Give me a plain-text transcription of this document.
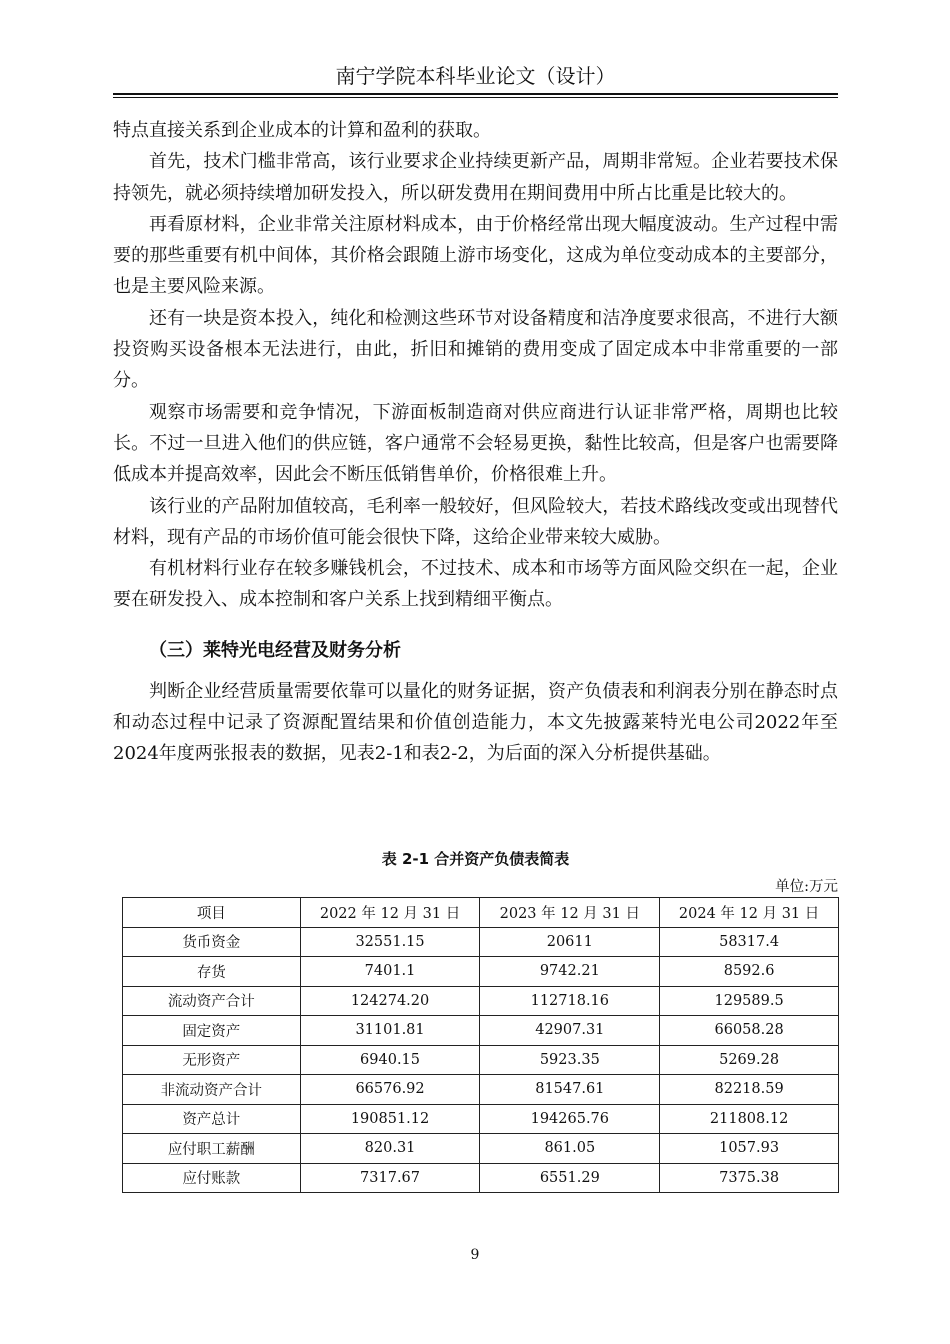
南宁学院本科毕业论文（设计）

特点直接关系到企业成本的计算和盈利的获取。

首先，技术门槛非常高，该行业要求企业持续更新产品，周期非常短。企业若要技术保持领先，就必须持续增加研发投入，所以研发费用在期间费用中所占比重是比较大的。

再看原材料，企业非常关注原材料成本，由于价格经常出现大幅度波动。生产过程中需要的那些重要有机中间体，其价格会跟随上游市场变化，这成为单位变动成本的主要部分，也是主要风险来源。

还有一块是资本投入，纯化和检测这些环节对设备精度和洁净度要求很高，不进行大额投资购买设备根本无法进行，由此，折旧和摊销的费用变成了固定成本中非常重要的一部分。

观察市场需要和竞争情况，下游面板制造商对供应商进行认证非常严格，周期也比较长。不过一旦进入他们的供应链，客户通常不会轻易更换，黏性比较高，但是客户也需要降低成本并提高效率，因此会不断压低销售单价，价格很难上升。

该行业的产品附加值较高，毛利率一般较好，但风险较大，若技术路线改变或出现替代材料，现有产品的市场价值可能会很快下降，这给企业带来较大威胁。

有机材料行业存在较多赚钱机会，不过技术、成本和市场等方面风险交织在一起，企业要在研发投入、成本控制和客户关系上找到精细平衡点。

（三）莱特光电经营及财务分析

判断企业经营质量需要依靠可以量化的财务证据，资产负债表和利润表分别在静态时点和动态过程中记录了资源配置结果和价值创造能力，本文先披露莱特光电公司2022年至2024年度两张报表的数据，见表2-1和表2-2，为后面的深入分析提供基础。

表 2-1 合并资产负债表简表
单位:万元
项目	2022 年 12 月 31 日	2023 年 12 月 31 日	2024 年 12 月 31 日
货币资金	32551.15	20611	58317.4
存货	7401.1	9742.21	8592.6
流动资产合计	124274.20	112718.16	129589.5
固定资产	31101.81	42907.31	66058.28
无形资产	6940.15	5923.35	5269.28
非流动资产合计	66576.92	81547.61	82218.59
资产总计	190851.12	194265.76	211808.12
应付职工薪酬	820.31	861.05	1057.93
应付账款	7317.67	6551.29	7375.38
9
